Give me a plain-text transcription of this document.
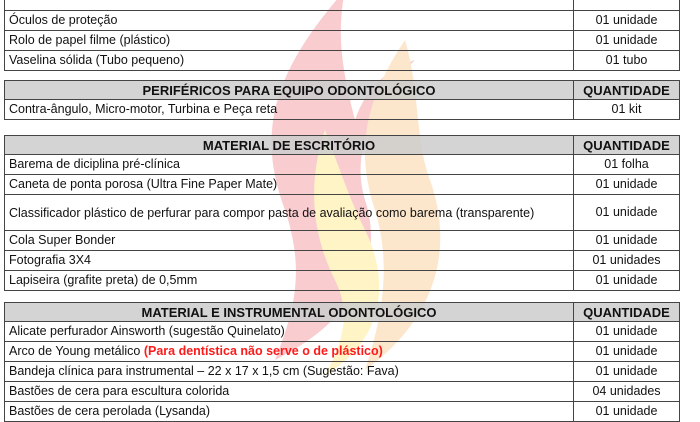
Óculos de proteção	01 unidade
Rolo de papel filme (plástico)	01 unidade
Vaselina sólida (Tubo pequeno)	01 tubo
PERIFÉRICOS PARA EQUIPO ODONTOLÓGICO	QUANTIDADE
Contra-ângulo, Micro-motor, Turbina e Peça reta	01 kit
MATERIAL DE ESCRITÓRIO	QUANTIDADE
Barema de diciplina pré-clínica	01 folha
Caneta de ponta porosa (Ultra Fine Paper Mate)	01 unidade
Classificador plástico de perfurar para compor pasta de avaliação como barema (transparente)	01 unidade
Cola Super Bonder	01 unidade
Fotografia 3X4	01 unidades
Lapiseira (grafite preta) de 0,5mm	01 unidade
MATERIAL E INSTRUMENTAL ODONTOLÓGICO	QUANTIDADE
Alicate perfurador Ainsworth (sugestão Quinelato)	01 unidade
Arco de Young metálico (Para dentística não serve o de plástico)	01 unidade
Bandeja clínica para instrumental – 22 x 17 x 1,5 cm (Sugestão: Fava)	01 unidade
Bastões de cera para escultura colorida	04 unidades
Bastões de cera perolada (Lysanda)	01 unidade
